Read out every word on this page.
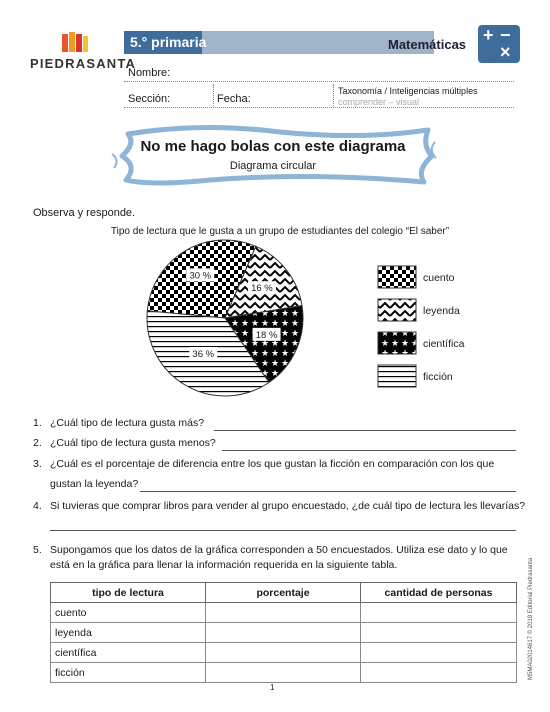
PIEDRASANTA
5.° primaria	Matemáticas + −
×
Nombre:
Sección:	Fecha:
Taxonomía / Inteligencias múltiples
comprender – visual
No me hago bolas con este diagrama
Diagrama circular
Observa y responde.
Tipo de lectura que le gusta a un grupo de estudiantes del colegio “El saber”
30 %
16 %
18 %
36 %
cuento
leyenda
científica
ficción
1. ¿Cuál tipo de lectura gusta más?
2. ¿Cuál tipo de lectura gusta menos?
3. ¿Cuál es el porcentaje de diferencia entre los que gustan la ficción en comparación con los que
gustan la leyenda?
4. Si tuvieras que comprar libros para vender al grupo encuestado, ¿de cuál tipo de lectura les llevarías?
5. Supongamos que los datos de la gráfica corresponden a 50 encuestados. Utiliza ese dato y lo que
está en la gráfica para llenar la información requerida en la siguiente tabla.
tipo de lectura	porcentaje	cantidad de personas
cuento		
leyenda		
científica		
ficción			M5MA02014617 © 2018 Editorial Piedrasanta
1
